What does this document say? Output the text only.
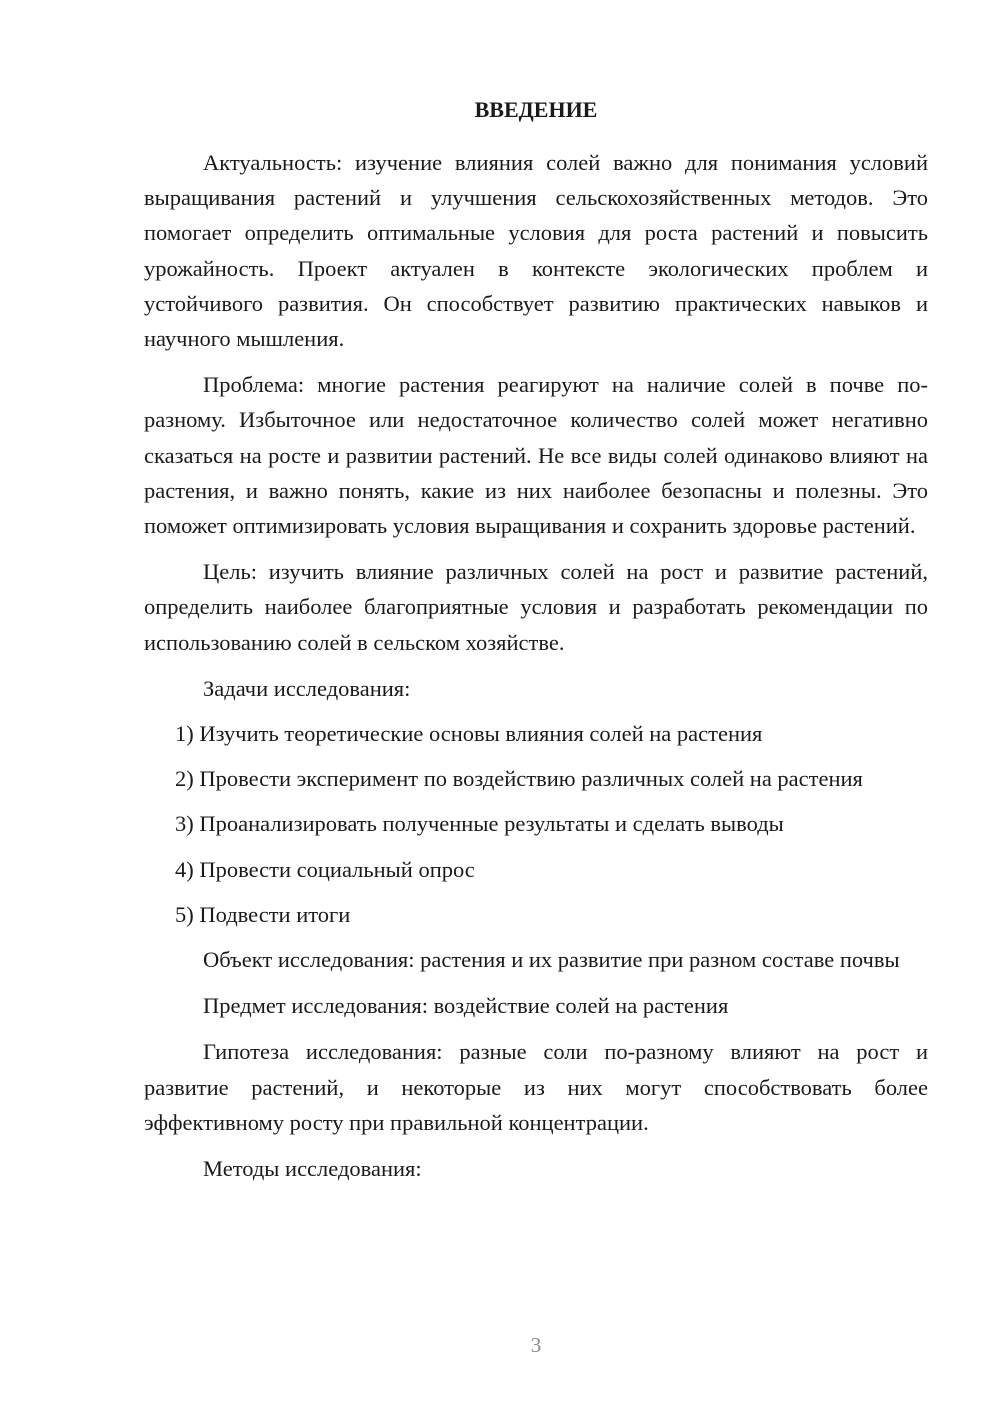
ВВЕДЕНИЕ

Актуальность: изучение влияния солей важно для понимания условий выращивания растений и улучшения сельскохозяйственных методов. Это помогает определить оптимальные условия для роста растений и повысить урожайность. Проект актуален в контексте экологических проблем и устойчивого развития. Он способствует развитию практических навыков и научного мышления.

Проблема: многие растения реагируют на наличие солей в почве по-разному. Избыточное или недостаточное количество солей может негативно сказаться на росте и развитии растений. Не все виды солей одинаково влияют на растения, и важно понять, какие из них наиболее безопасны и полезны. Это поможет оптимизировать условия выращивания и сохранить здоровье растений.

Цель: изучить влияние различных солей на рост и развитие растений, определить наиболее благоприятные условия и разработать рекомендации по использованию солей в сельском хозяйстве.

Задачи исследования:

1) Изучить теоретические основы влияния солей на растения

2) Провести эксперимент по воздействию различных солей на растения

3) Проанализировать полученные результаты и сделать выводы

4) Провести социальный опрос

5) Подвести итоги

Объект исследования: растения и их развитие при разном составе почвы

Предмет исследования: воздействие солей на растения

Гипотеза исследования: разные соли по-разному влияют на рост и развитие растений, и некоторые из них могут способствовать более эффективному росту при правильной концентрации.

Методы исследования:

3
